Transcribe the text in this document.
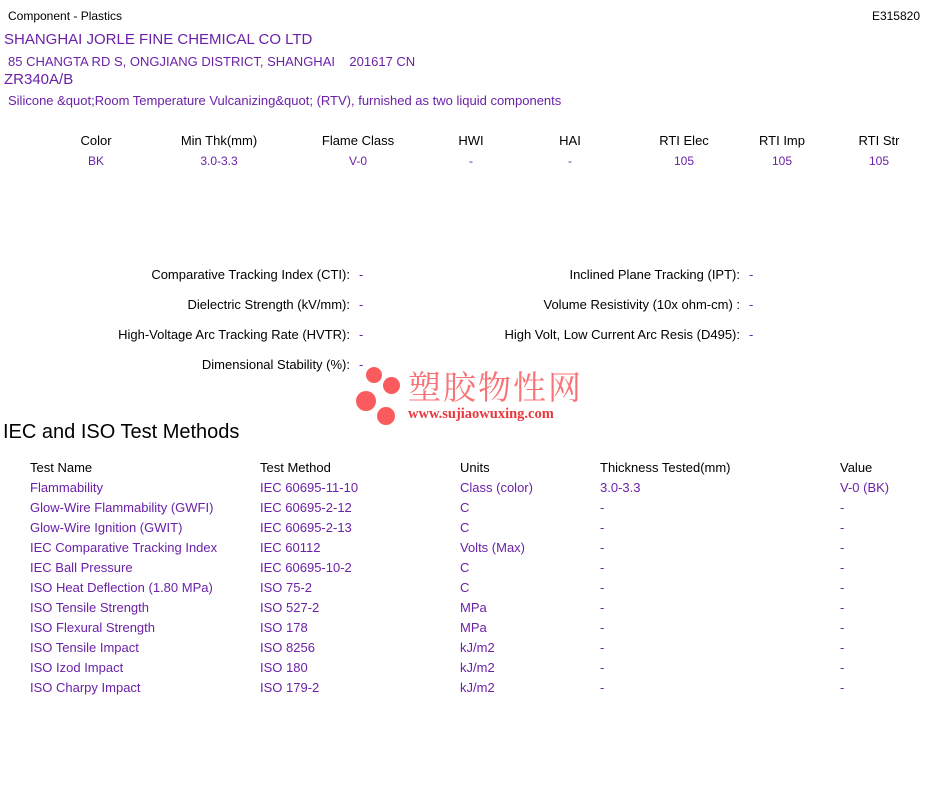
Component - Plastics	E315820
SHANGHAI JORLE FINE CHEMICAL CO LTD
85 CHANGTA RD S, ONGJIANG DISTRICT, SHANGHAI    201617 CN
ZR340A/B
Silicone &quot;Room Temperature Vulcanizing&quot; (RTV), furnished as two liquid components
Color	Min Thk(mm)	Flame Class	HWI	HAI	RTI Elec	RTI Imp	RTI Str
BK	3.0-3.3	V-0	-	-	105	105	105
Comparative Tracking Index (CTI): -
Dielectric Strength (kV/mm): -
High-Voltage Arc Tracking Rate (HVTR): -
Dimensional Stability (%): -
Inclined Plane Tracking (IPT): -
Volume Resistivity (10x ohm-cm) : -
High Volt, Low Current Arc Resis (D495): -
塑胶物性网
www.sujiaowuxing.com
IEC and ISO Test Methods
Test Name	Test Method	Units	Thickness Tested(mm)	Value
Flammability	IEC 60695-11-10	Class (color)	3.0-3.3	V-0 (BK)
Glow-Wire Flammability (GWFI)	IEC 60695-2-12	C	-	-
Glow-Wire Ignition (GWIT)	IEC 60695-2-13	C	-	-
IEC Comparative Tracking Index	IEC 60112	Volts (Max)	-	-
IEC Ball Pressure	IEC 60695-10-2	C	-	-
ISO Heat Deflection (1.80 MPa)	ISO 75-2	C	-	-
ISO Tensile Strength	ISO 527-2	MPa	-	-
ISO Flexural Strength	ISO 178	MPa	-	-
ISO Tensile Impact	ISO 8256	kJ/m2	-	-
ISO Izod Impact	ISO 180	kJ/m2	-	-
ISO Charpy Impact	ISO 179-2	kJ/m2	-	-
